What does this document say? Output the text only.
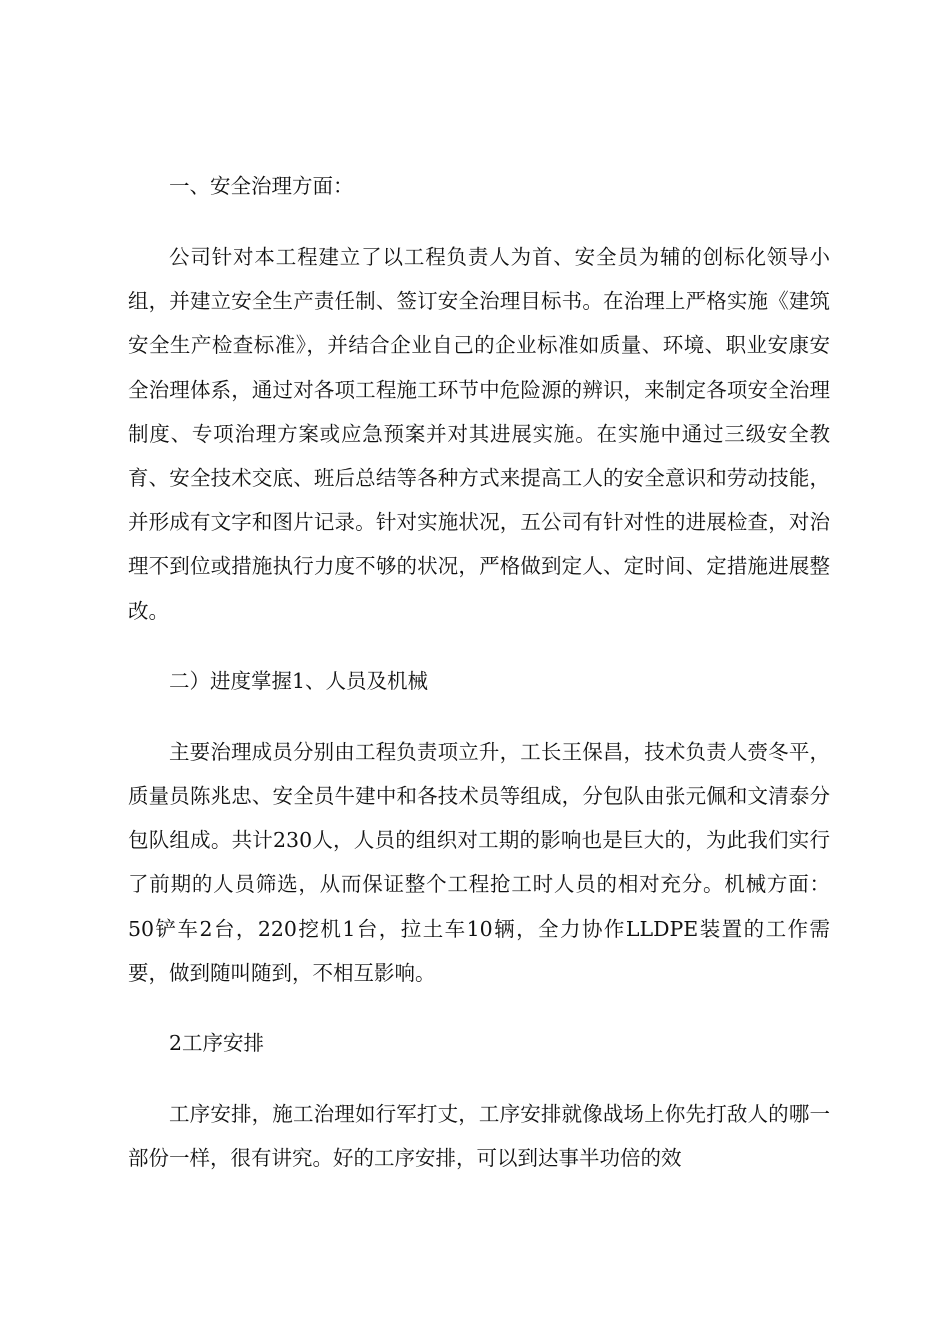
一、安全治理方面：
公司针对本工程建立了以工程负责人为首、安全员为辅的创标化领导小组，并建立安全生产责任制、签订安全治理目标书。在治理上严格实施《建筑安全生产检查标准》，并结合企业自己的企业标准如质量、环境、职业安康安全治理体系，通过对各项工程施工环节中危险源的辨识，来制定各项安全治理制度、专项治理方案或应急预案并对其进展实施。在实施中通过三级安全教育、安全技术交底、班后总结等各种方式来提高工人的安全意识和劳动技能，并形成有文字和图片记录。针对实施状况，五公司有针对性的进展检查，对治理不到位或措施执行力度不够的状况，严格做到定人、定时间、定措施进展整改。
二）进度掌握1、人员及机械
主要治理成员分别由工程负责项立升，工长王保昌，技术负责人赍冬平，质量员陈兆忠、安全员牛建中和各技术员等组成，分包队由张元佩和文清泰分包队组成。共计230人，人员的组织对工期的影响也是巨大的，为此我们实行了前期的人员筛选，从而保证整个工程抢工时人员的相对充分。机械方面：50铲车2台，220挖机1台，拉土车10辆，全力协作LLDPE装置的工作需要，做到随叫随到，不相互影响。
2工序安排
工序安排，施工治理如行军打丈，工序安排就像战场上你先打敌人的哪一部份一样，很有讲究。好的工序安排，可以到达事半功倍的效
